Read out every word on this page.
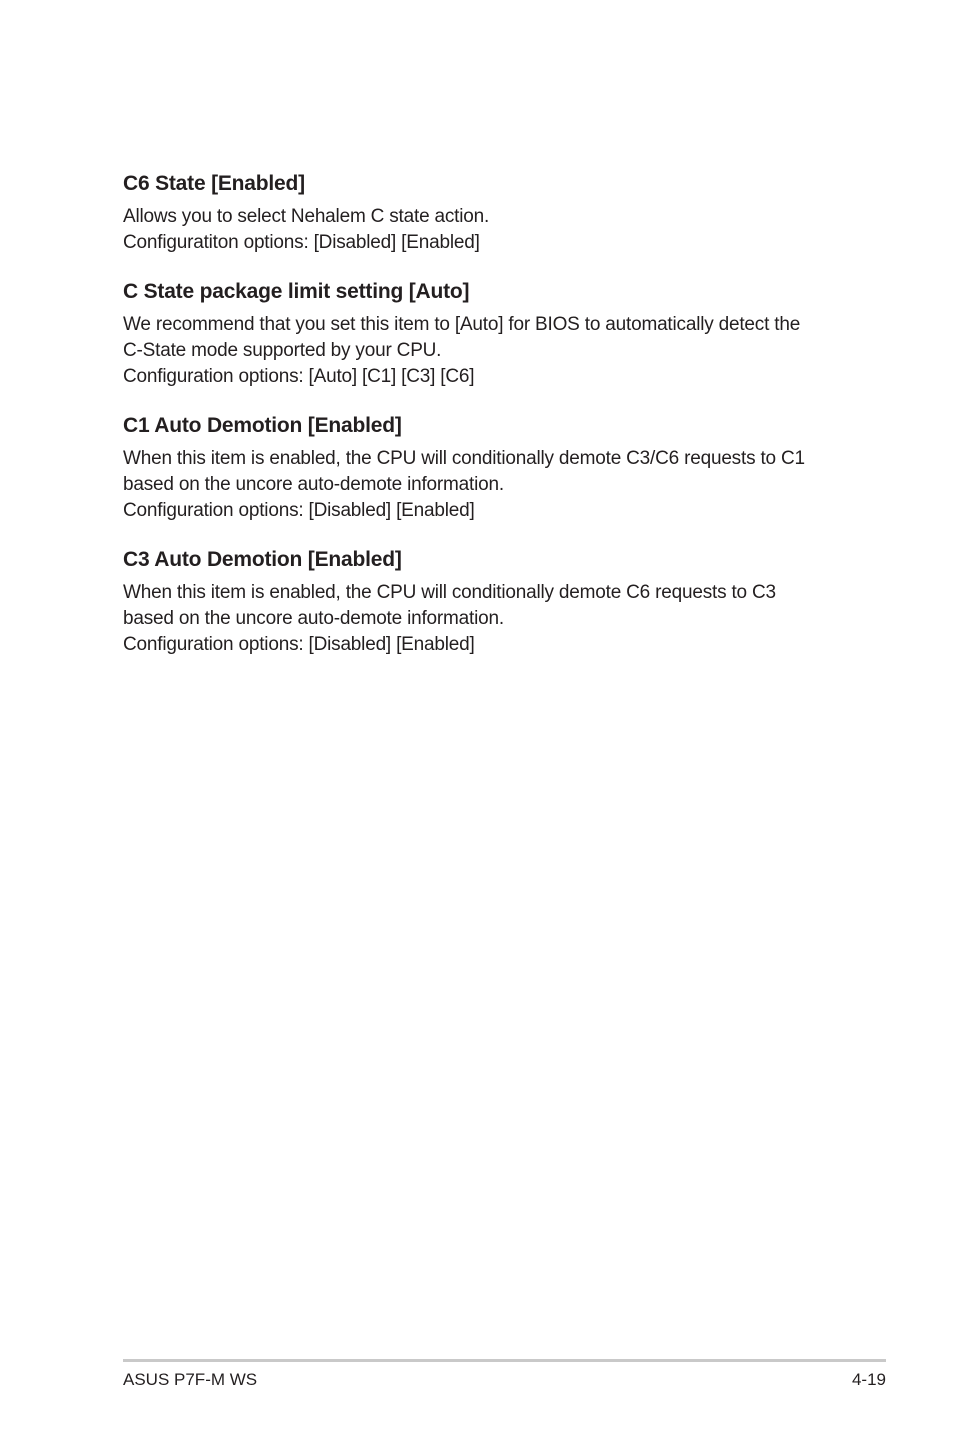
C6 State [Enabled]

Allows you to select Nehalem C state action.

Configuratiton options: [Disabled] [Enabled]

C State package limit setting [Auto]

We recommend that you set this item to [Auto] for BIOS to automatically detect the

C-State mode supported by your CPU.

Configuration options: [Auto] [C1] [C3] [C6]

C1 Auto Demotion [Enabled]

When this item is enabled, the CPU will conditionally demote C3/C6 requests to C1

based on the uncore auto-demote information.

Configuration options: [Disabled] [Enabled]

C3 Auto Demotion [Enabled]

When this item is enabled, the CPU will conditionally demote C6 requests to C3

based on the uncore auto-demote information.

Configuration options: [Disabled] [Enabled]

ASUS P7F-M WS	4-19
